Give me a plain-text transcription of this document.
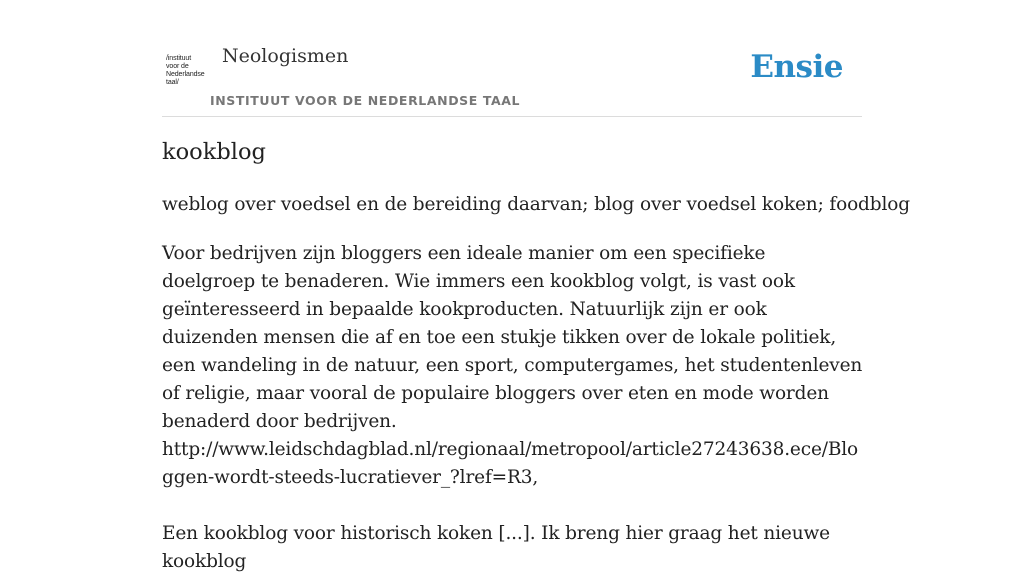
/instituut
voor de
Nederlandse
taal/
Neologismen
INSTITUUT VOOR DE NEDERLANDSE TAAL
Ensie
kookblog
weblog over voedsel en de bereiding daarvan; blog over voedsel koken; foodblog

Voor bedrijven zijn bloggers een ideale manier om een specifieke doelgroep te benaderen. Wie immers een kookblog volgt, is vast ook geïnteresseerd in bepaalde kookproducten. Natuurlijk zijn er ook duizenden mensen die af en toe een stukje tikken over de lokale politiek, een wandeling in de natuur, een sport, computergames, het studentenleven of religie, maar vooral de populaire bloggers over eten en mode worden benaderd door bedrijven.

http://www.leidschdagblad.nl/regionaal/metropool/article27243638.ece/Bloggen-wordt-steeds-lucratiever_?lref=R3,

Een kookblog voor historisch koken [...]. Ik breng hier graag het nieuwe kookblog
